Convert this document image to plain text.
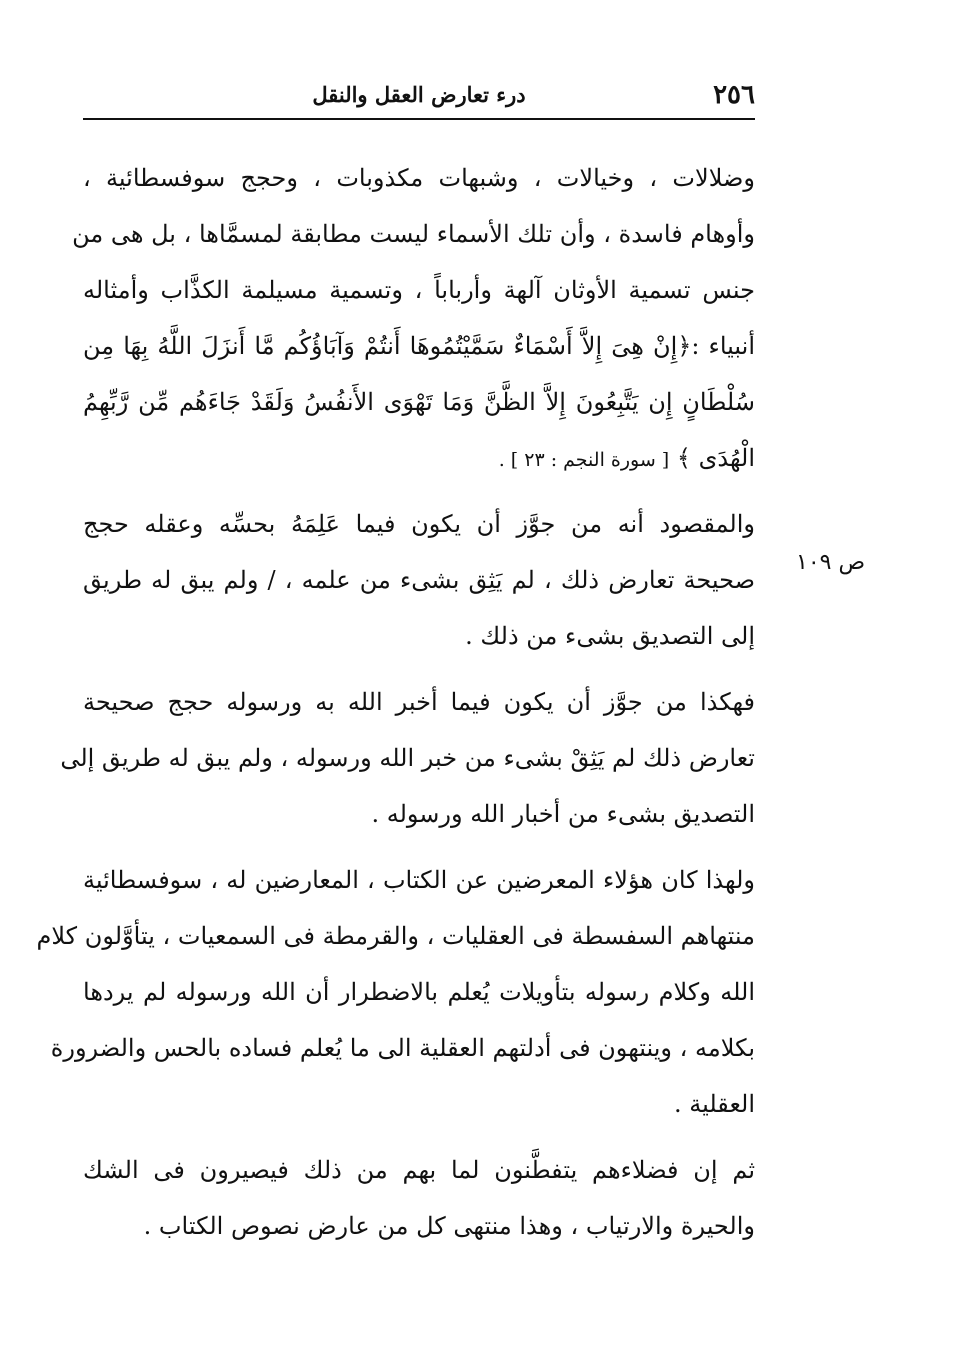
٢٥٦
درء تعارض العقل والنقل
ص ١٠٩
وضلالات ، وخيالات ، وشبهات مكذوبات ، وحجج سوفسطائية ،
وأوهام فاسدة ، وأن تلك الأسماء ليست مطابقة لمسمَّاها ، بل هى من
جنس تسمية الأوثان آلهة وأرباباً ، وتسمية مسيلمة الكذَّاب وأمثاله
أنبياء :﴿إِنْ هِىَ إِلاَّ أَسْمَاءٌ سَمَّيْتُمُوهَا أَنتُمْ وَآبَاؤُكُم مَّا أَنزَلَ اللَّهُ بِهَا مِن
سُلْطَانٍ إِن يَتَّبِعُونَ إِلاَّ الظَّنَّ وَمَا تَهْوَى الأَنفُسُ وَلَقَدْ جَاءَهُم مِّن رَّبِّهِمُ
الْهُدَى ﴾ [ سورة النجم : ٢٣ ] .
والمقصود أنه من جوَّز أن يكون فيما عَلِمَهُ بحسِّه وعقله حجج
صحيحة تعارض ذلك ، لم يَثِق بشىء من علمه ، / ولم يبق له طريق
إلى التصديق بشىء من ذلك .
فهكذا من جوَّز أن يكون فيما أخبر الله به ورسوله حجج صحيحة
تعارض ذلك لم يَثِقْ بشىء من خبر الله ورسوله ، ولم يبق له طريق إلى
التصديق بشىء من أخبار الله ورسوله .
ولهذا كان هؤلاء المعرضين عن الكتاب ، المعارضين له ، سوفسطائية
منتهاهم السفسطة فى العقليات ، والقرمطة فى السمعيات ، يتأوَّلون كلام
الله وكلام رسوله بتأويلات يُعلم بالاضطرار أن الله ورسوله لم يردها
بكلامه ، وينتهون فى أدلتهم العقلية الى ما يُعلم فساده بالحس والضرورة
العقلية .
ثم إن فضلاءهم يتفطَّنون لما بهم من ذلك فيصيرون فى الشك
والحيرة والارتياب ، وهذا منتهى كل من عارض نصوص الكتاب .
